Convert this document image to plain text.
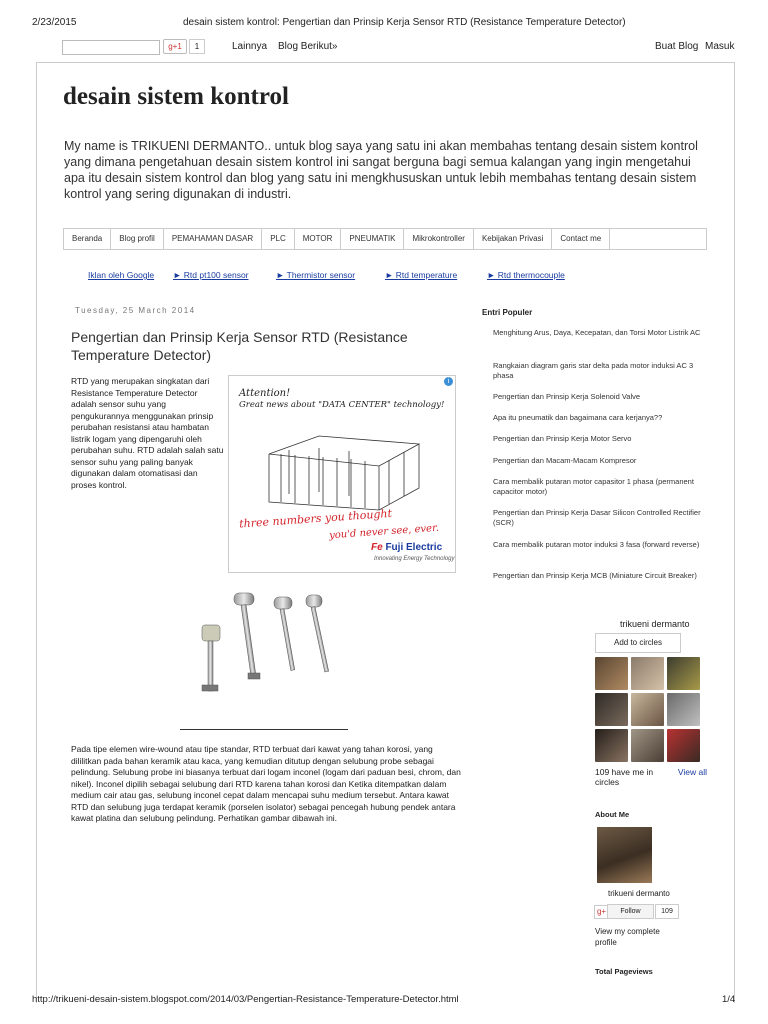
2/23/2015	desain sistem kontrol: Pengertian dan Prinsip Kerja Sensor RTD (Resistance Temperature Detector)
g+1	1	Lainnya Blog Berikut»	Buat Blog Masuk
desain sistem kontrol
My name is TRIKUENI DERMANTO.. untuk blog saya yang satu ini akan membahas tentang desain sistem kontrol yang dimana pengetahuan desain sistem kontrol ini sangat berguna bagi semua kalangan yang ingin mengetahui apa itu desain sistem kontrol dan blog yang satu ini mengkhususkan untuk lebih membahas tentang desain sistem kontrol yang sering digunakan di industri.
Beranda	Blog profil	PEMAHAMAN DASAR	PLC	MOTOR	PNEUMATIK	Mikrokontroller	Kebijakan Privasi	Contact me
Iklan oleh Google ► Rtd pt100 sensor	► Thermistor sensor	► Rtd temperature	► Rtd thermocouple
Tuesday, 25 March 2014
Pengertian dan Prinsip Kerja Sensor RTD (Resistance Temperature Detector)
RTD yang merupakan singkatan dari Resistance Temperature Detector adalah sensor suhu yang pengukurannya menggunakan prinsip perubahan resistansi atau hambatan listrik logam yang dipengaruhi oleh perubahan suhu. RTD adalah salah satu sensor suhu yang paling banyak digunakan dalam otomatisasi dan proses kontrol.
i
Attention!
Great news about "DATA CENTER" technology!
three numbers you thought
you'd never see, ever.
Fe Fuji Electric
Innovating Energy Technology
Pada tipe elemen wire-wound atau tipe standar, RTD terbuat dari kawat yang tahan korosi, yang dililitkan pada bahan keramik atau kaca, yang kemudian ditutup dengan selubung probe sebagai pelindung. Selubung probe ini biasanya terbuat dari logam inconel (logam dari paduan besi, chrom, dan nikel). Inconel dipilih sebagai selubung dari RTD karena tahan korosi dan Ketika ditempatkan dalam medium cair atau gas, selubung inconel cepat dalam mencapai suhu medium tersebut. Antara kawat RTD dan selubung juga terdapat keramik (porselen isolator) sebagai pencegah hubung pendek antara kawat platina dan selubung pelindung. Perhatikan gambar dibawah ini.
Entri Populer
Menghitung Arus, Daya, Kecepatan, dan Torsi Motor Listrik AC
Rangkaian diagram garis star delta pada motor induksi AC 3 phasa
Pengertian dan Prinsip Kerja Solenoid Valve
Apa itu pneumatik dan bagaimana cara kerjanya??
Pengertian dan Prinsip Kerja Motor Servo
Pengertian dan Macam-Macam Kompresor
Cara membalik putaran motor capasitor 1 phasa (permanent capacitor motor)
Pengertian dan Prinsip Kerja Dasar Silicon Controlled Rectifier (SCR)
Cara membalik putaran motor induksi 3 fasa (forward reverse)
Pengertian dan Prinsip Kerja MCB (Miniature Circuit Breaker)
trikueni dermanto
Add to circles
109 have me in circles
View all
About Me
trikueni dermanto
g+	Follow	109
View my complete profile
Total Pageviews
http://trikueni-desain-sistem.blogspot.com/2014/03/Pengertian-Resistance-Temperature-Detector.html	1/4
